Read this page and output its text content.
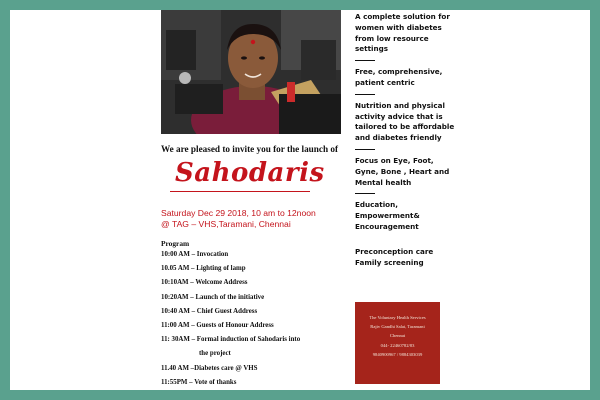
We are pleased to invite you for the launch of
Sahodaris
Saturday Dec 29 2018, 10 am to 12noon
@ TAG – VHS,Taramani, Chennai
Program
10:00 AM – Invocation
10.05 AM – Lighting of lamp
10:10AM – Welcome Address
10:20AM – Launch of the initiative
10:40 AM – Chief Guest Address
11:00 AM – Guests of Honour Address
11: 30AM – Formal induction of Sahodaris into
the project
11.40 AM –Diabetes care @ VHS
11:55PM – Vote of thanks
A complete solution for women with diabetes from low resource settings
Free, comprehensive, patient centric
Nutrition and physical activity advice that is tailored to be affordable and diabetes friendly
Focus on Eye, Foot, Gyne, Bone , Heart and Mental health
Education, Empowerment& Encouragement
Preconception care Family screening
The Voluntary Health Services
Rajiv Gandhi Salai, Taramani
Chennai
044- 22460782/83
9840900967 / 9884303039
